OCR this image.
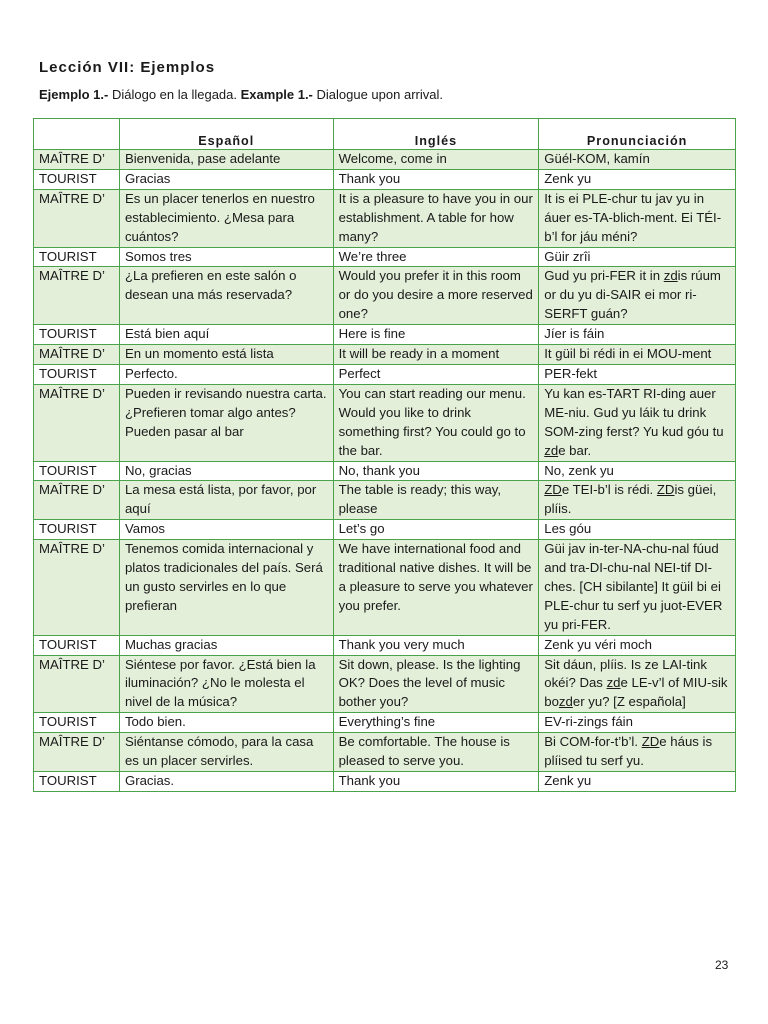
Lección VII: Ejemplos
Ejemplo 1.- Diálogo en la llegada. Example 1.- Dialogue upon arrival.
	Español	Inglés	Pronunciación
MAÎTRE D’	Bienvenida, pase adelante	Welcome, come in	Güél-KOM, kamín
TOURIST	Gracias	Thank you	Zenk yu
MAÎTRE D’	Es un placer tenerlos en nuestro establecimiento. ¿Mesa para cuántos?	It is a pleasure to have you in our establishment. A table for how many?	It is ei PLE-chur tu jav yu in áuer es-TA-blich-ment. Ei TÉI-b’l for jáu méni?
TOURIST	Somos tres	We’re three	Güir zrîi
MAÎTRE D’	¿La prefieren en este salón o desean una más reservada?	Would you prefer it in this room or do you desire a more reserved one?	Gud yu pri-FER it in zdis rúum or du yu di-SAIR ei mor ri-SERFT guán?
TOURIST	Está bien aquí	Here is fine	Jíer is fáin
MAÎTRE D’	En un momento está lista	It will be ready in a moment	It güil bi rédi in ei MOU-ment
TOURIST	Perfecto.	Perfect	PER-fekt
MAÎTRE D’	Pueden ir revisando nuestra carta. ¿Prefieren tomar algo antes? Pueden pasar al bar	You can start reading our menu. Would you like to drink something first? You could go to the bar.	Yu kan es-TART RI-ding auer ME-niu. Gud yu láik tu drink SOM-zing ferst? Yu kud góu tu zde bar.
TOURIST	No, gracias	No, thank you	No, zenk yu
MAÎTRE D’	La mesa está lista, por favor, por aquí	The table is ready; this way, please	ZDe TEI-b’l is rédi. ZDis güei, plíis.
TOURIST	Vamos	Let’s go	Les góu
MAÎTRE D’	Tenemos comida internacional y platos tradicionales del país. Será un gusto servirles en lo que prefieran	We have international food and traditional native dishes. It will be a pleasure to serve you whatever you prefer.	Güi jav in-ter-NA-chu-nal fúud and tra-DI-chu-nal NEI-tif DI-ches. [CH sibilante] It güil bi ei PLE-chur tu serf yu juot-EVER yu pri-FER.
TOURIST	Muchas gracias	Thank you very much	Zenk yu véri moch
MAÎTRE D’	Siéntese por favor. ¿Está bien la iluminación? ¿No le molesta el nivel de la música?	Sit down, please. Is the lighting OK? Does the level of music bother you?	Sit dáun, plíis. Is ze LAI-tink okéi? Das zde LE-v’l of MIU-sik bozder yu? [Z española]
TOURIST	Todo bien.	Everything’s fine	EV-ri-zings fáin
MAÎTRE D’	Siéntanse cómodo, para la casa es un placer servirles.	Be comfortable. The house is pleased to serve you.	Bi COM-for-t’b’l. ZDe háus is plíised tu serf yu.
TOURIST	Gracias.	Thank you	Zenk yu
23
